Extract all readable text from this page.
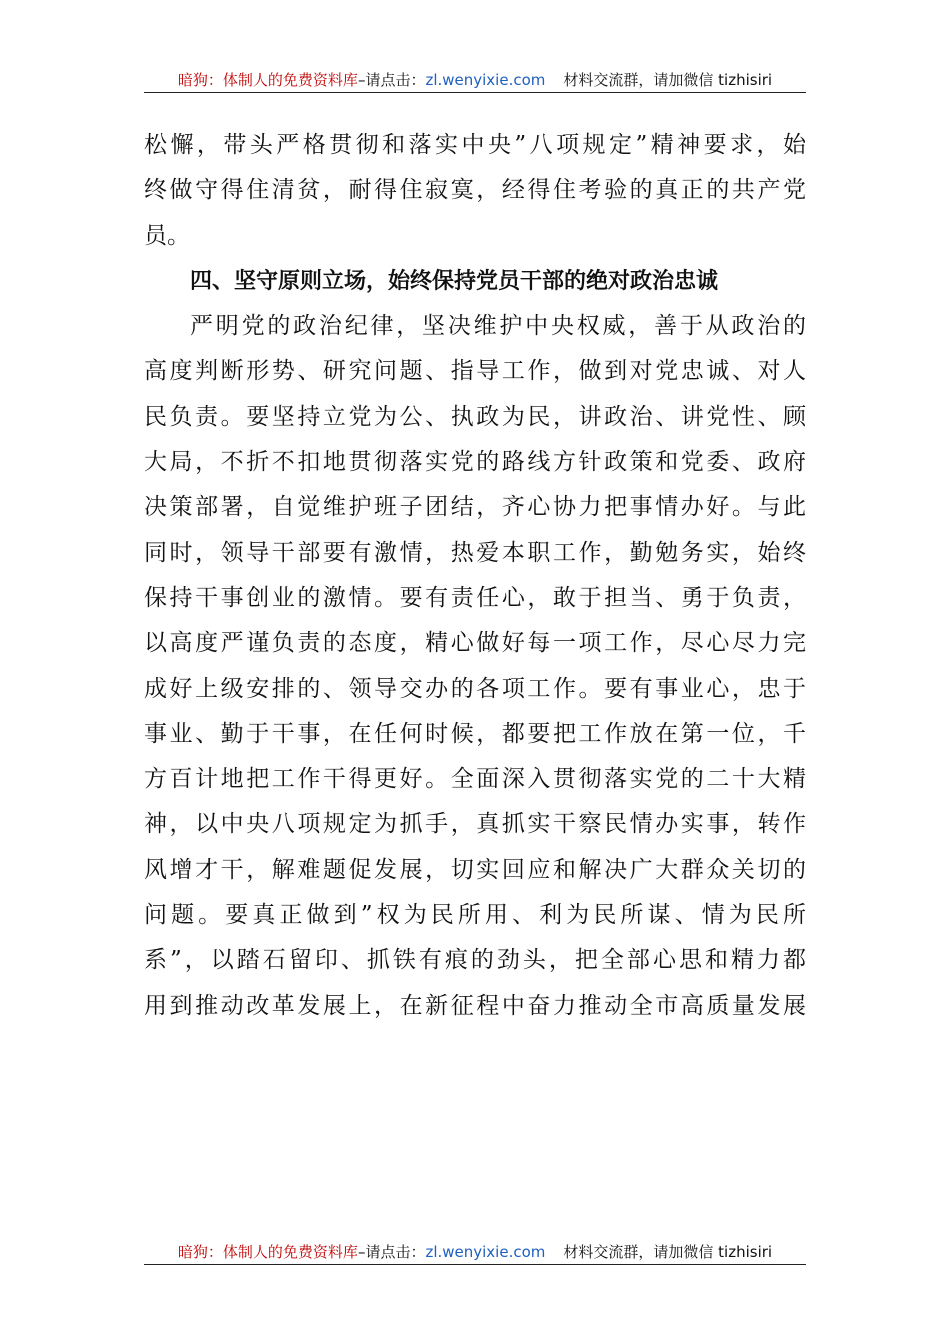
暗狗：体制人的免费资料库 –请点击： zl.wenyixie.com 材料交流群，请加微信 tizhisiri
松懈，带头严格贯彻和落实中央”八项规定”精神要求，始
终做守得住清贫，耐得住寂寞，经得住考验的真正的共产党
员。
四、坚守原则立场，始终保持党员干部的绝对政治忠诚
严明党的政治纪律，坚决维护中央权威，善于从政治的
高度判断形势、研究问题、指导工作，做到对党忠诚、对人
民负责。要坚持立党为公、执政为民，讲政治、讲党性、顾
大局，不折不扣地贯彻落实党的路线方针政策和党委、政府
决策部署，自觉维护班子团结，齐心协力把事情办好。与此
同时，领导干部要有激情，热爱本职工作，勤勉务实，始终
保持干事创业的激情。要有责任心，敢于担当、勇于负责，
以高度严谨负责的态度，精心做好每一项工作，尽心尽力完
成好上级安排的、领导交办的各项工作。要有事业心，忠于
事业、勤于干事，在任何时候，都要把工作放在第一位，千
方百计地把工作干得更好。全面深入贯彻落实党的二十大精
神，以中央八项规定为抓手，真抓实干察民情办实事，转作
风增才干，解难题促发展，切实回应和解决广大群众关切的
问题。要真正做到”权为民所用、利为民所谋、情为民所
系”，以踏石留印、抓铁有痕的劲头，把全部心思和精力都
用到推动改革发展上，在新征程中奋力推动全市高质量发展
暗狗：体制人的免费资料库 –请点击： zl.wenyixie.com 材料交流群，请加微信 tizhisiri
